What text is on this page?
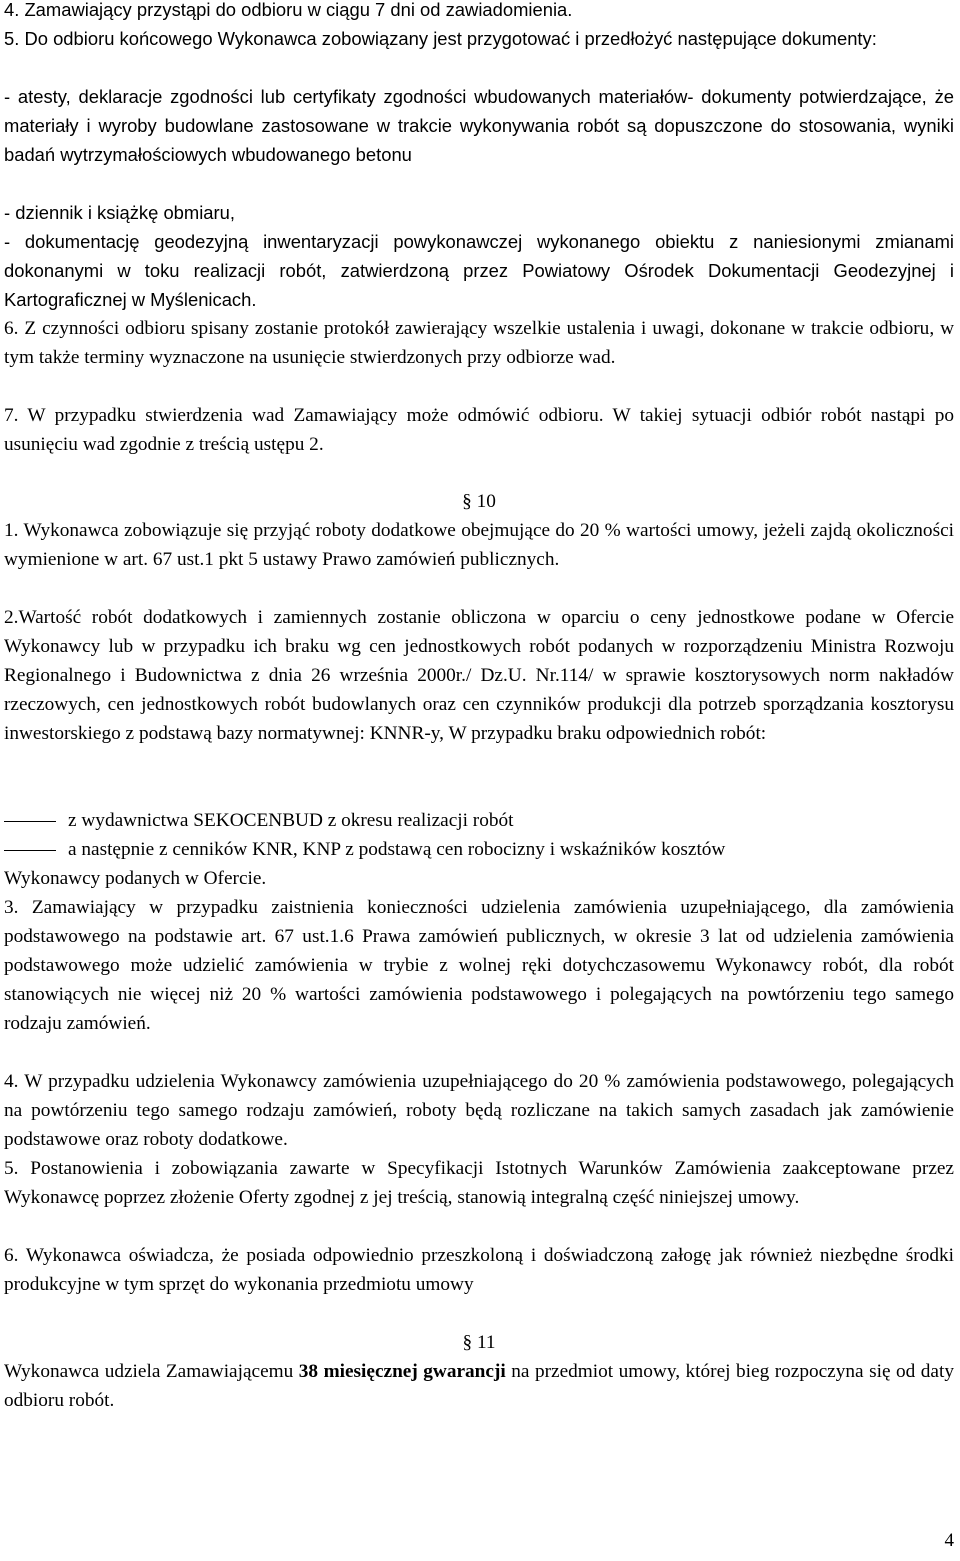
4. Zamawiający przystąpi do odbioru w ciągu 7 dni od zawiadomienia.

5. Do odbioru końcowego Wykonawca zobowiązany jest przygotować i przedłożyć następujące dokumenty:

- atesty, deklaracje zgodności lub certyfikaty zgodności wbudowanych materiałów- dokumenty potwierdzające, że materiały i wyroby budowlane zastosowane w trakcie wykonywania robót są dopuszczone do stosowania, wyniki badań wytrzymałościowych wbudowanego betonu

- dziennik i książkę obmiaru,

- dokumentację geodezyjną inwentaryzacji powykonawczej wykonanego obiektu z naniesionymi zmianami dokonanymi w toku realizacji robót, zatwierdzoną przez Powiatowy Ośrodek Dokumentacji Geodezyjnej i Kartograficznej w Myślenicach.

6. Z czynności odbioru spisany zostanie protokół zawierający wszelkie ustalenia i uwagi, dokonane w trakcie odbioru, w tym także terminy wyznaczone na usunięcie stwierdzonych przy odbiorze wad.

7. W przypadku stwierdzenia wad Zamawiający może odmówić odbioru. W takiej sytuacji odbiór robót nastąpi po usunięciu wad zgodnie z treścią ustępu 2.

§ 10

1. Wykonawca zobowiązuje się przyjąć roboty dodatkowe obejmujące do 20 % wartości umowy, jeżeli zajdą okoliczności wymienione w art. 67 ust.1 pkt 5 ustawy Prawo zamówień publicznych.

2.Wartość robót dodatkowych i zamiennych zostanie obliczona w oparciu o ceny jednostkowe podane w Ofercie Wykonawcy lub w przypadku ich braku wg cen jednostkowych robót podanych w rozporządzeniu Ministra Rozwoju Regionalnego i Budownictwa z dnia 26 września 2000r./ Dz.U. Nr.114/ w sprawie kosztorysowych norm nakładów rzeczowych, cen jednostkowych robót budowlanych oraz cen czynników produkcji dla potrzeb sporządzania kosztorysu inwestorskiego z podstawą bazy normatywnej: KNNR-y, W przypadku braku odpowiednich robót:

z wydawnictwa SEKOCENBUD z okresu realizacji robót
a następnie z cenników KNR, KNP z podstawą cen robocizny i wskaźników kosztów

Wykonawcy podanych w Ofercie.

3. Zamawiający w przypadku zaistnienia konieczności udzielenia zamówienia uzupełniającego, dla zamówienia podstawowego na podstawie art. 67 ust.1.6 Prawa zamówień publicznych, w okresie 3 lat od udzielenia zamówienia podstawowego może udzielić zamówienia w trybie z wolnej ręki dotychczasowemu Wykonawcy robót, dla robót stanowiących nie więcej niż 20 % wartości zamówienia podstawowego i polegających na powtórzeniu tego samego rodzaju zamówień.

4. W przypadku udzielenia Wykonawcy zamówienia uzupełniającego do 20 % zamówienia podstawowego, polegających na powtórzeniu tego samego rodzaju zamówień, roboty będą rozliczane na takich samych zasadach jak zamówienie podstawowe oraz roboty dodatkowe.

5. Postanowienia i zobowiązania zawarte w Specyfikacji Istotnych Warunków Zamówienia zaakceptowane przez Wykonawcę poprzez złożenie Oferty zgodnej z jej treścią, stanowią integralną część niniejszej umowy.

6. Wykonawca oświadcza, że posiada odpowiednio przeszkoloną i doświadczoną załogę jak również niezbędne środki produkcyjne w tym sprzęt do wykonania przedmiotu umowy

§ 11

Wykonawca udziela Zamawiającemu 38 miesięcznej gwarancji na przedmiot umowy, której bieg rozpoczyna się od daty odbioru robót.

4
